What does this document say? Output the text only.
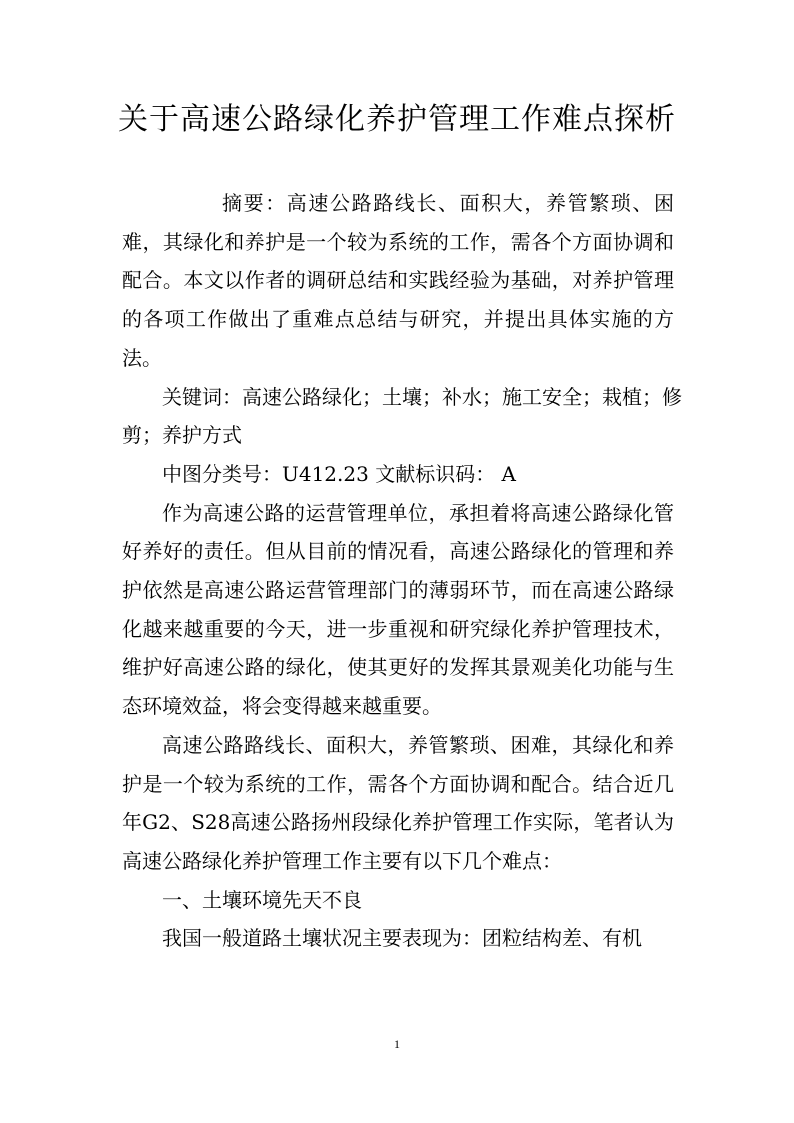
关于高速公路绿化养护管理工作难点探析

摘要：高速公路路线长、面积大，养管繁琐、困难，其绿化和养护是一个较为系统的工作，需各个方面协调和配合。本文以作者的调研总结和实践经验为基础，对养护管理的各项工作做出了重难点总结与研究，并提出具体实施的方法。

关键词：高速公路绿化；土壤；补水；施工安全；栽植；修剪；养护方式

中图分类号：U412.23 文献标识码： A

作为高速公路的运营管理单位，承担着将高速公路绿化管好养好的责任。但从目前的情况看，高速公路绿化的管理和养护依然是高速公路运营管理部门的薄弱环节，而在高速公路绿化越来越重要的今天，进一步重视和研究绿化养护管理技术，维护好高速公路的绿化，使其更好的发挥其景观美化功能与生态环境效益，将会变得越来越重要。

高速公路路线长、面积大，养管繁琐、困难，其绿化和养护是一个较为系统的工作，需各个方面协调和配合。结合近几年G2、S28高速公路扬州段绿化养护管理工作实际，笔者认为高速公路绿化养护管理工作主要有以下几个难点：

一、土壤环境先天不良

我国一般道路土壤状况主要表现为：团粒结构差、有机

1
